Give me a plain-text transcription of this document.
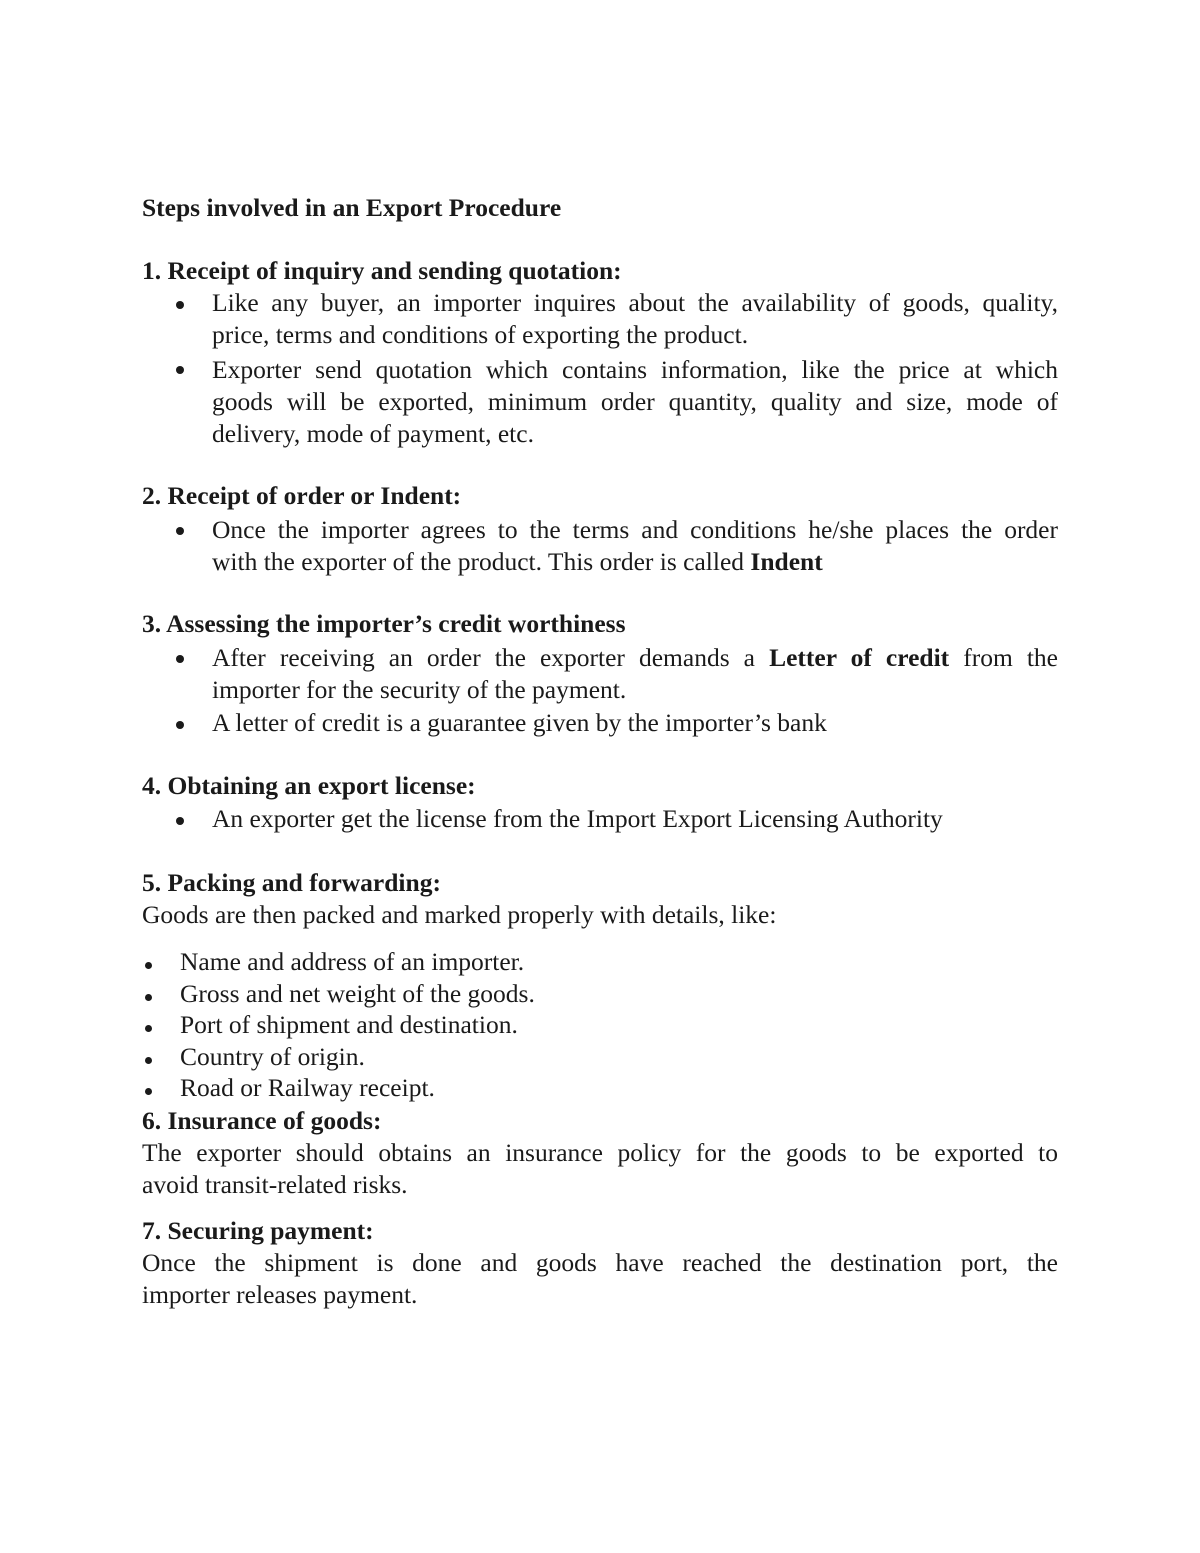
Steps involved in an Export Procedure
1. Receipt of inquiry and sending quotation:
Like any buyer, an importer inquires about the availability of goods, quality,
price, terms and conditions of exporting the product.
Exporter send quotation which contains information, like the price at which
goods will be exported, minimum order quantity, quality and size, mode of
delivery, mode of payment, etc.
2. Receipt of order or Indent:
Once the importer agrees to the terms and conditions he/she places the order
with the exporter of the product. This order is called Indent
3. Assessing the importer’s credit worthiness
After receiving an order the exporter demands a Letter of credit from the
importer for the security of the payment.
A letter of credit is a guarantee given by the importer’s bank
4. Obtaining an export license:
An exporter get the license from the Import Export Licensing Authority
5. Packing and forwarding:
Goods are then packed and marked properly with details, like:
Name and address of an importer.
Gross and net weight of the goods.
Port of shipment and destination.
Country of origin.
Road or Railway receipt.
6. Insurance of goods:
The exporter should obtains an insurance policy for the goods to be exported to
avoid transit-related risks.
7. Securing payment:
Once the shipment is done and goods have reached the destination port, the
importer releases payment.
